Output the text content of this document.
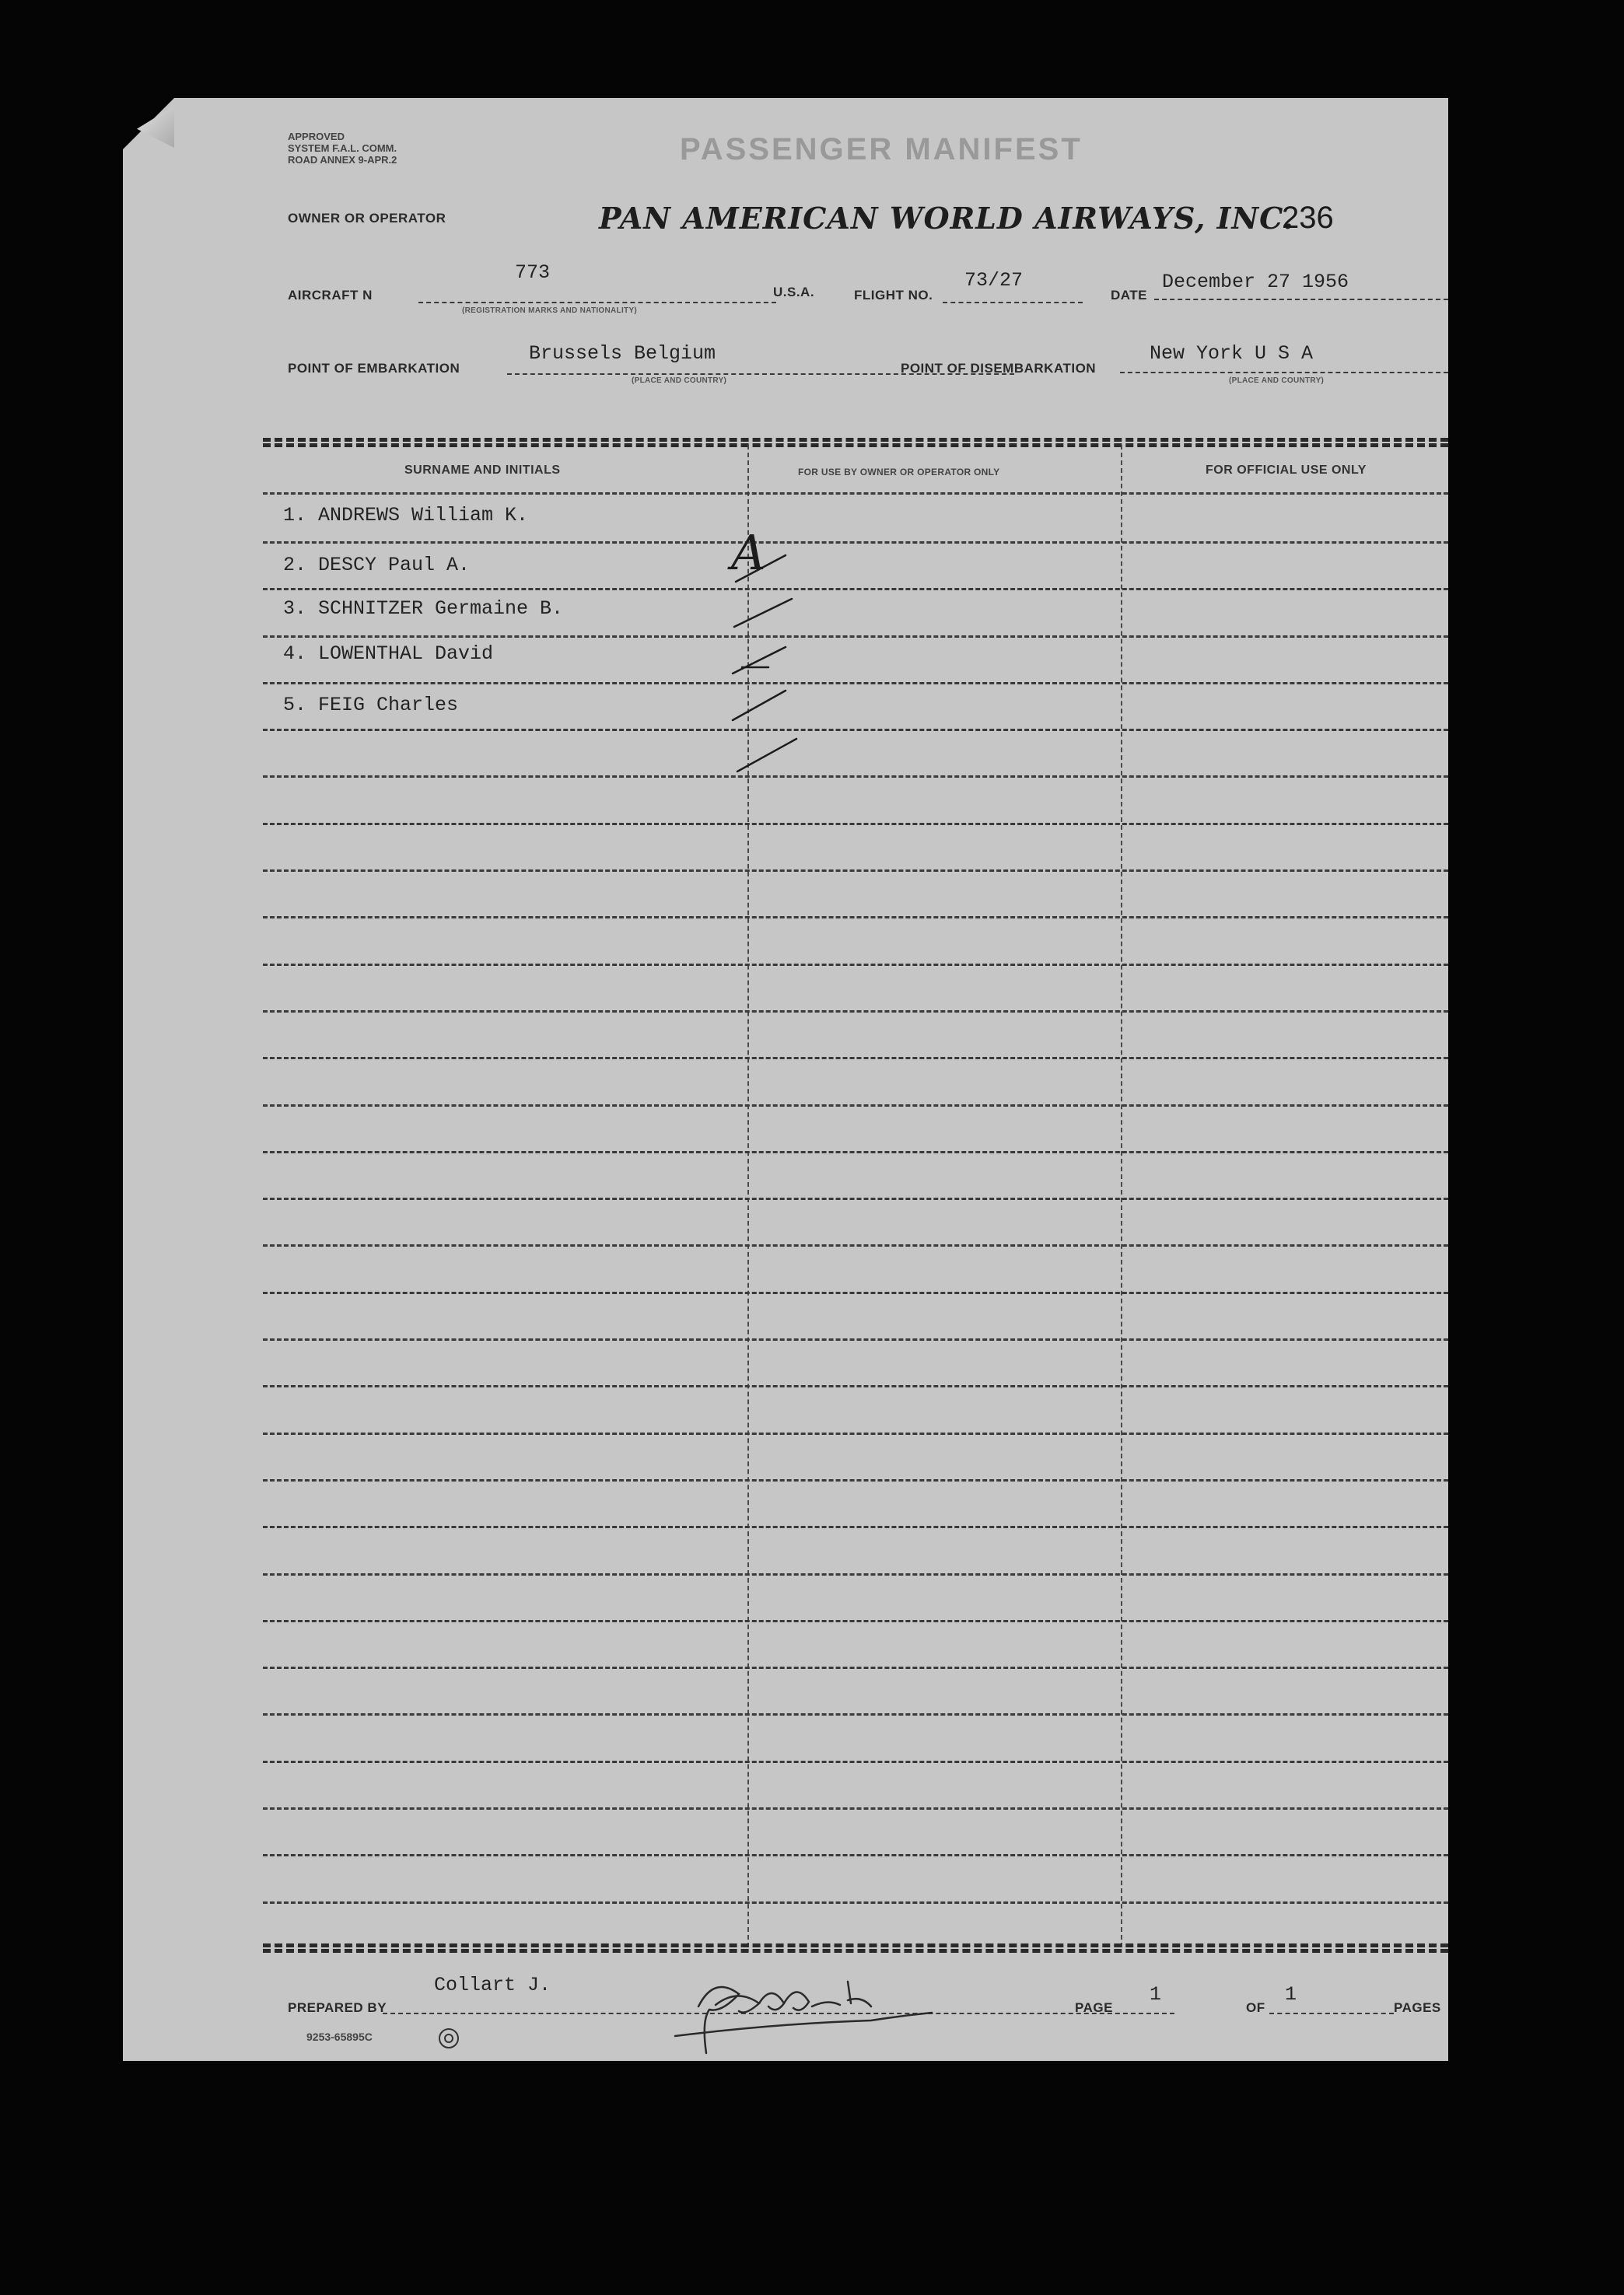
APPROVED
SYSTEM F.A.L. COMM.
ROAD ANNEX 9-APR.2	PASSENGER MANIFEST
OWNER OR OPERATOR	PAN AMERICAN WORLD AIRWAYS, INC.
236
AIRCRAFT N
773
(REGISTRATION MARKS AND NATIONALITY)
U.S.A.	FLIGHT NO.
73/27
DATE
December 27 1956
POINT OF EMBARKATION
Brussels Belgium
(PLACE AND COUNTRY)
POINT OF DISEMBARKATION
New York U S A
(PLACE AND COUNTRY)
SURNAME AND INITIALS	FOR USE BY OWNER OR OPERATOR ONLY	FOR OFFICIAL USE ONLY
1. ANDREWS William K.
2. DESCY Paul A.
3. SCHNITZER Germaine B.
4. LOWENTHAL David
5. FEIG Charles
A
PREPARED BY
Collart J.
PAGE
1
OF
1
PAGES
9253-65895C
